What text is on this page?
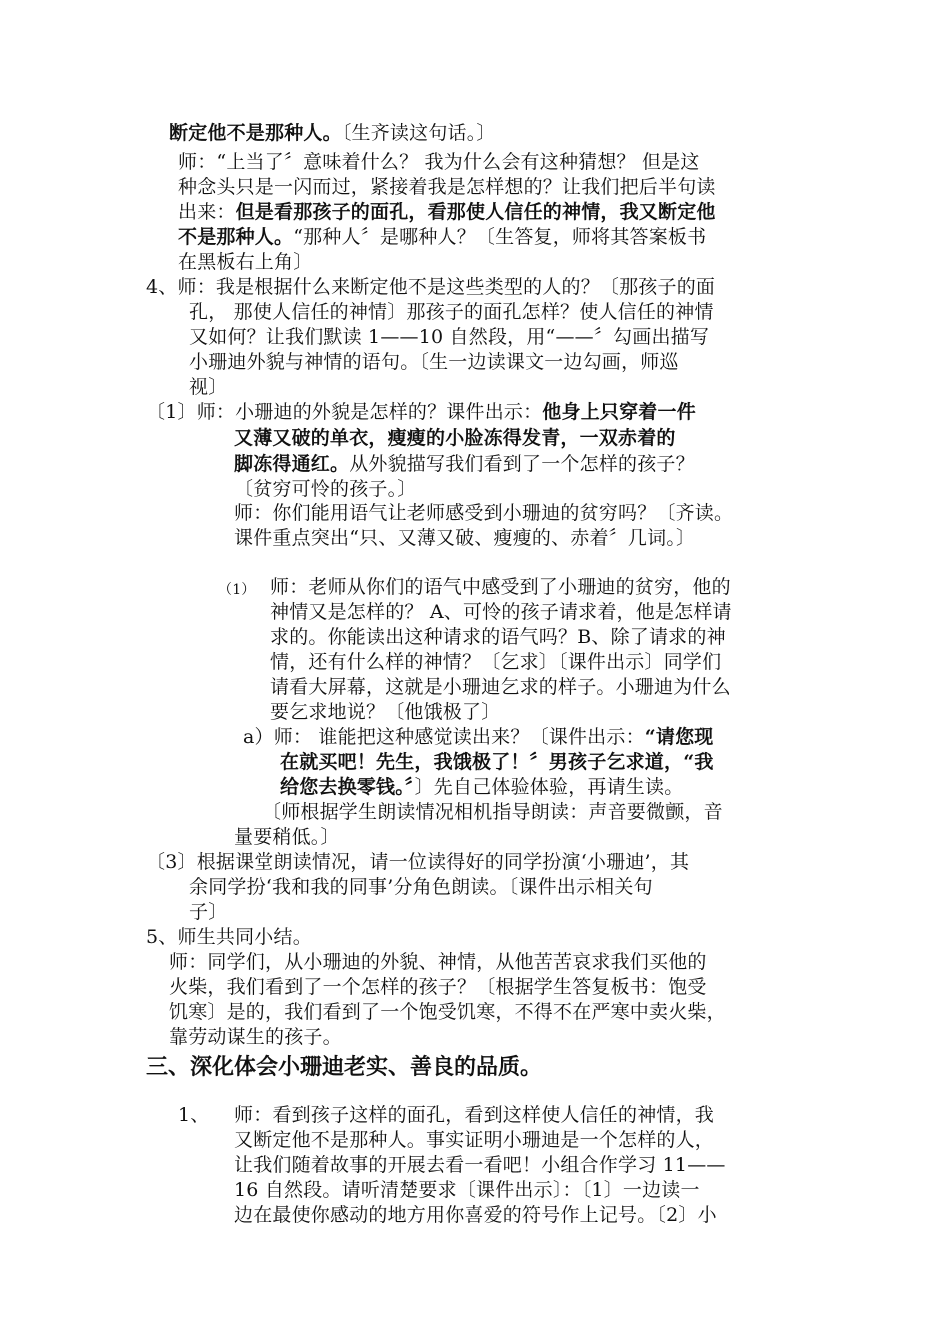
断定他不是那种人。〔生齐读这句话。〕
师：“上当了〞意味着什么？ 我为什么会有这种猜想？ 但是这
种念头只是一闪而过，紧接着我是怎样想的？让我们把后半句读
出来：但是看那孩子的面孔，看那使人信任的神情，我又断定他
不是那种人。“那种人〞是哪种人？〔生答复，师将其答案板书
在黑板右上角〕
4、师：我是根据什么来断定他不是这些类型的人的？〔那孩子的面
孔， 那使人信任的神情〕那孩子的面孔怎样？使人信任的神情
又如何？让我们默读 1——10 自然段，用“——〞勾画出描写
小珊迪外貌与神情的语句。〔生一边读课文一边勾画，师巡
视〕
〔1〕师：小珊迪的外貌是怎样的？课件出示：他身上只穿着一件
又薄又破的单衣，瘦瘦的小脸冻得发青，一双赤着的
脚冻得通红。从外貌描写我们看到了一个怎样的孩子？
〔贫穷可怜的孩子。〕
师：你们能用语气让老师感受到小珊迪的贫穷吗？〔齐读。
课件重点突出“只、又薄又破、瘦瘦的、赤着〞几词。〕
（1） 师：老师从你们的语气中感受到了小珊迪的贫穷，他的
神情又是怎样的？ A、可怜的孩子请求着，他是怎样请
求的。你能读出这种请求的语气吗？B、除了请求的神
情，还有什么样的神情？〔乞求〕〔课件出示〕同学们
请看大屏幕，这就是小珊迪乞求的样子。小珊迪为什么
要乞求地说？〔他饿极了〕
a）师： 谁能把这种感觉读出来？〔课件出示：“请您现
在就买吧！先生，我饿极了！〞男孩子乞求道，“我
给您去换零钱。〞〕先自己体验体验，再请生读。
〔师根据学生朗读情况相机指导朗读：声音要微颤，音
量要稍低。〕
〔3〕根据课堂朗读情况，请一位读得好的同学扮演‘小珊迪’，其
余同学扮‘我和我的同事’分角色朗读。〔课件出示相关句
子〕
5、师生共同小结。
师：同学们，从小珊迪的外貌、神情，从他苦苦哀求我们买他的
火柴，我们看到了一个怎样的孩子？〔根据学生答复板书：饱受
饥寒〕是的，我们看到了一个饱受饥寒，不得不在严寒中卖火柴，
靠劳动谋生的孩子。
三、深化体会小珊迪老实、善良的品质。
1、 师：看到孩子这样的面孔，看到这样使人信任的神情，我
又断定他不是那种人。事实证明小珊迪是一个怎样的人，
让我们随着故事的开展去看一看吧！小组合作学习 11——
16 自然段。请听清楚要求〔课件出示〕：〔1〕一边读一
边在最使你感动的地方用你喜爱的符号作上记号。〔2〕小
